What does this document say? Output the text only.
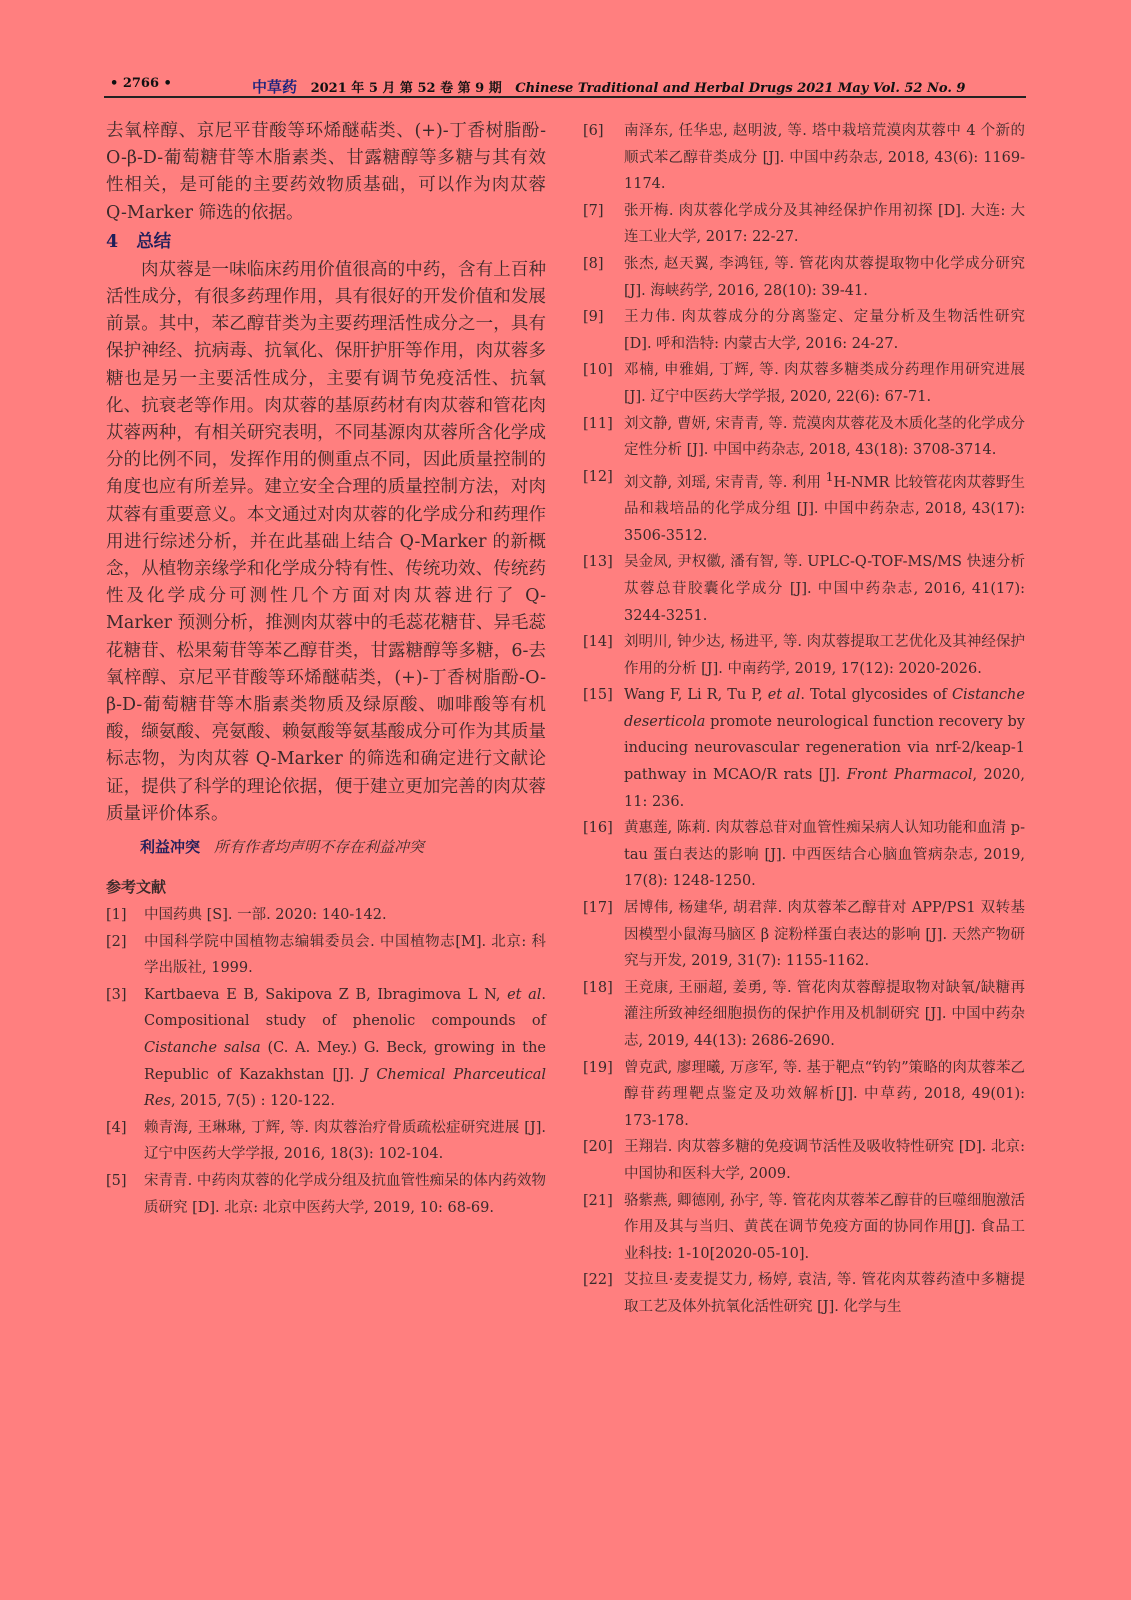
• 2766 •	中草药 2021 年 5 月 第 52 卷 第 9 期 Chinese Traditional and Herbal Drugs 2021 May Vol. 52 No. 9

去氧梓醇、京尼平苷酸等环烯醚萜类、(+)-丁香树脂酚-O-β-D-葡萄糖苷等木脂素类、甘露糖醇等多糖与其有效性相关，是可能的主要药效物质基础，可以作为肉苁蓉 Q-Marker 筛选的依据。

4 总结

肉苁蓉是一味临床药用价值很高的中药，含有上百种活性成分，有很多药理作用，具有很好的开发价值和发展前景。其中，苯乙醇苷类为主要药理活性成分之一，具有保护神经、抗病毒、抗氧化、保肝护肝等作用，肉苁蓉多糖也是另一主要活性成分，主要有调节免疫活性、抗氧化、抗衰老等作用。肉苁蓉的基原药材有肉苁蓉和管花肉苁蓉两种，有相关研究表明，不同基源肉苁蓉所含化学成分的比例不同，发挥作用的侧重点不同，因此质量控制的角度也应有所差异。建立安全合理的质量控制方法，对肉苁蓉有重要意义。本文通过对肉苁蓉的化学成分和药理作用进行综述分析，并在此基础上结合 Q-Marker 的新概念，从植物亲缘学和化学成分特有性、传统功效、传统药性及化学成分可测性几个方面对肉苁蓉进行了 Q-Marker 预测分析，推测肉苁蓉中的毛蕊花糖苷、异毛蕊花糖苷、松果菊苷等苯乙醇苷类，甘露糖醇等多糖，6-去氧梓醇、京尼平苷酸等环烯醚萜类，(+)-丁香树脂酚-O-β-D-葡萄糖苷等木脂素类物质及绿原酸、咖啡酸等有机酸，缬氨酸、亮氨酸、赖氨酸等氨基酸成分可作为其质量标志物，为肉苁蓉 Q-Marker 的筛选和确定进行文献论证，提供了科学的理论依据，便于建立更加完善的肉苁蓉质量评价体系。

利益冲突 所有作者均声明不存在利益冲突
参考文献
[1]	中国药典 [S]. 一部. 2020: 140-142.
[2]	中国科学院中国植物志编辑委员会. 中国植物志[M]. 北京: 科学出版社, 1999.
[3]	Kartbaeva E B, Sakipova Z B, Ibragimova L N, et al. Compositional study of phenolic compounds of Cistanche salsa (C. A. Mey.) G. Beck, growing in the Republic of Kazakhstan [J]. J Chemical Pharceutical Res, 2015, 7(5) : 120-122.
[4]	赖青海, 王琳琳, 丁辉, 等. 肉苁蓉治疗骨质疏松症研究进展 [J]. 辽宁中医药大学学报, 2016, 18(3): 102-104.
[5]	宋青青. 中药肉苁蓉的化学成分组及抗血管性痴呆的体内药效物质研究 [D]. 北京: 北京中医药大学, 2019, 10: 68-69.
[6]	南泽东, 任华忠, 赵明波, 等. 塔中栽培荒漠肉苁蓉中 4 个新的顺式苯乙醇苷类成分 [J]. 中国中药杂志, 2018, 43(6): 1169-1174.
[7]	张开梅. 肉苁蓉化学成分及其神经保护作用初探 [D]. 大连: 大连工业大学, 2017: 22-27.
[8]	张杰, 赵天翼, 李鸿钰, 等. 管花肉苁蓉提取物中化学成分研究 [J]. 海峡药学, 2016, 28(10): 39-41.
[9]	王力伟. 肉苁蓉成分的分离鉴定、定量分析及生物活性研究 [D]. 呼和浩特: 内蒙古大学, 2016: 24-27.
[10] 邓楠, 申雅娟, 丁辉, 等. 肉苁蓉多糖类成分药理作用研究进展 [J]. 辽宁中医药大学学报, 2020, 22(6): 67-71.
[11] 刘文静, 曹妍, 宋青青, 等. 荒漠肉苁蓉花及木质化茎的化学成分定性分析 [J]. 中国中药杂志, 2018, 43(18): 3708-3714.
[12] 刘文静, 刘瑶, 宋青青, 等. 利用 $^1$H-NMR 比较管花肉苁蓉野生品和栽培品的化学成分组 [J]. 中国中药杂志, 2018, 43(17): 3506-3512.
[13] 吴金凤, 尹权徽, 潘有智, 等. UPLC-Q-TOF-MS/MS 快速分析苁蓉总苷胶囊化学成分 [J]. 中国中药杂志, 2016, 41(17): 3244-3251.
[14] 刘明川, 钟少达, 杨进平, 等. 肉苁蓉提取工艺优化及其神经保护作用的分析 [J]. 中南药学, 2019, 17(12): 2020-2026.
[15] Wang F, Li R, Tu P, et al. Total glycosides of Cistanche deserticola promote neurological function recovery by inducing neurovascular regeneration via nrf-2/keap-1 pathway in MCAO/R rats [J]. Front Pharmacol, 2020, 11: 236.
[16] 黄惠莲, 陈莉. 肉苁蓉总苷对血管性痴呆病人认知功能和血清 p-tau 蛋白表达的影响 [J]. 中西医结合心脑血管病杂志, 2019, 17(8): 1248-1250.
[17] 居博伟, 杨建华, 胡君萍. 肉苁蓉苯乙醇苷对 APP/PS1 双转基因模型小鼠海马脑区 β 淀粉样蛋白表达的影响 [J]. 天然产物研究与开发, 2019, 31(7): 1155-1162.
[18] 王竞康, 王丽超, 姜勇, 等. 管花肉苁蓉醇提取物对缺氧/缺糖再灌注所致神经细胞损伤的保护作用及机制研究 [J]. 中国中药杂志, 2019, 44(13): 2686-2690.
[19] 曾克武, 廖理曦, 万彦军, 等. 基于靶点“钓钓”策略的肉苁蓉苯乙醇苷药理靶点鉴定及功效解析[J]. 中草药, 2018, 49(01): 173-178.
[20] 王翔岩. 肉苁蓉多糖的免疫调节活性及吸收特性研究 [D]. 北京: 中国协和医科大学, 2009.
[21] 骆紫燕, 卿德刚, 孙宇, 等. 管花肉苁蓉苯乙醇苷的巨噬细胞激活作用及其与当归、黄芪在调节免疫方面的协同作用[J]. 食品工业科技: 1-10[2020-05-10].
[22] 艾拉旦·麦麦提艾力, 杨婷, 袁洁, 等. 管花肉苁蓉药渣中多糖提取工艺及体外抗氧化活性研究 [J]. 化学与生
